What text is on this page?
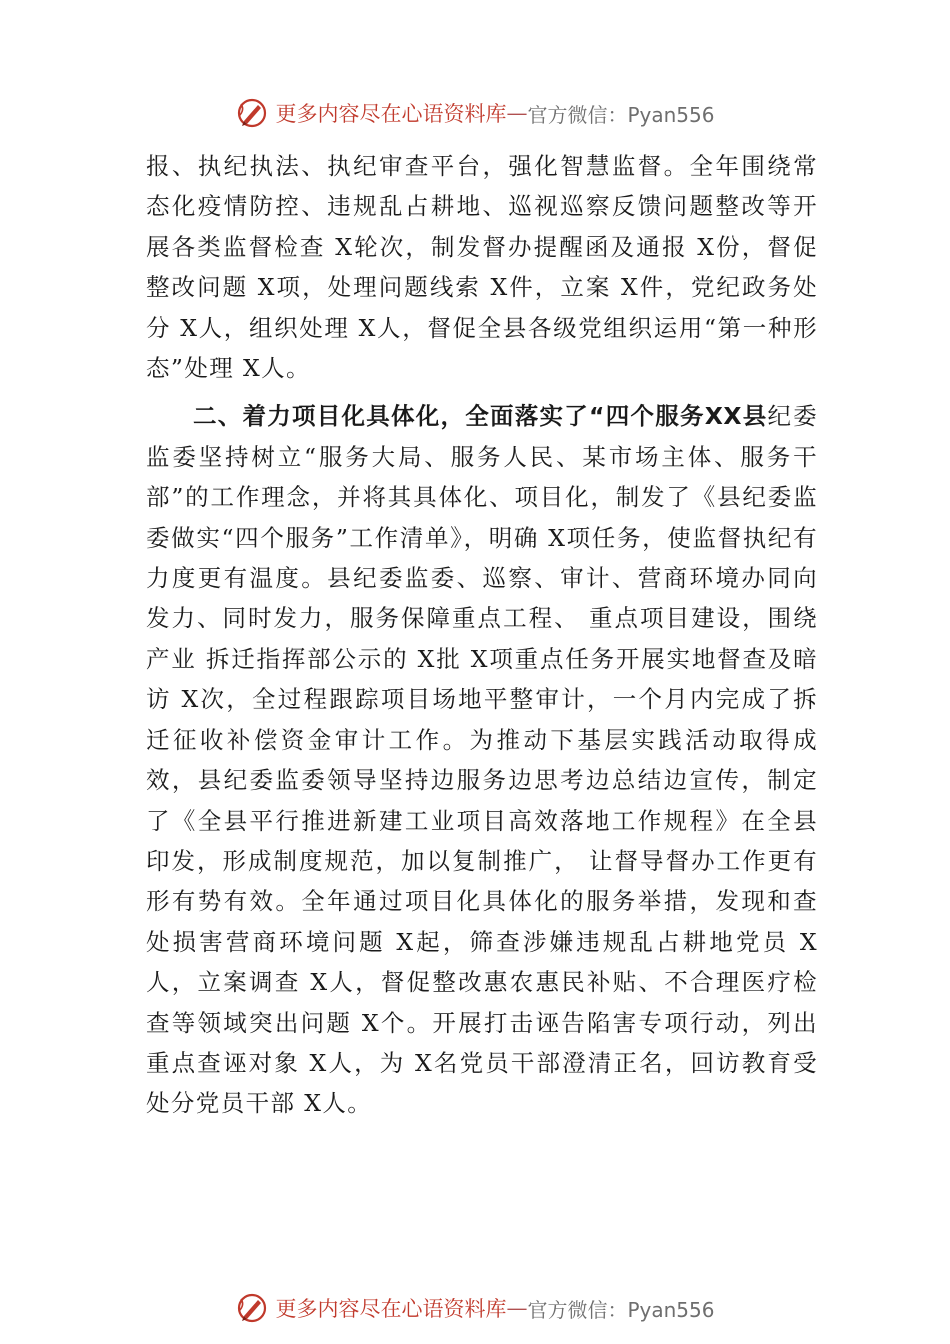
更多内容尽在心语资料库 — 官方微信：Pyan556

报、执纪执法、执纪审查平台，强化智慧监督。全年围绕常态化疫情防控、违规乱占耕地、巡视巡察反馈问题整改等开展各类监督检查 X轮次，制发督办提醒函及通报 X份，督促整改问题 X项，处理问题线索 X件，立案 X件，党纪政务处分 X人，组织处理 X人，督促全县各级党组织运用“第一种形态”处理 X人。

二、着力项目化具体化，全面落实了“四个服务XX县纪委监委坚持树立“服务大局、服务人民、某市场主体、服务干部”的工作理念，并将其具体化、项目化，制发了《县纪委监委做实“四个服务”工作清单》，明确 X项任务，使监督执纪有力度更有温度。县纪委监委、巡察、审计、营商环境办同向发力、同时发力，服务保障重点工程、 重点项目建设，围绕产业 拆迁指挥部公示的 X批 X项重点任务开展实地督查及暗访 X次，全过程跟踪项目场地平整审计，一个月内完成了拆迁征收补偿资金审计工作。为推动下基层实践活动取得成效，县纪委监委领导坚持边服务边思考边总结边宣传，制定了《全县平行推进新建工业项目高效落地工作规程》在全县印发，形成制度规范，加以复制推广， 让督导督办工作更有形有势有效。全年通过项目化具体化的服务举措，发现和查处损害营商环境问题 X起，筛查涉嫌违规乱占耕地党员 X人，立案调查 X人，督促整改惠农惠民补贴、不合理医疗检查等领域突出问题 X个。开展打击诬告陷害专项行动，列出重点查诬对象 X人，为 X名党员干部澄清正名，回访教育受处分党员干部 X人。

更多内容尽在心语资料库 — 官方微信：Pyan556
